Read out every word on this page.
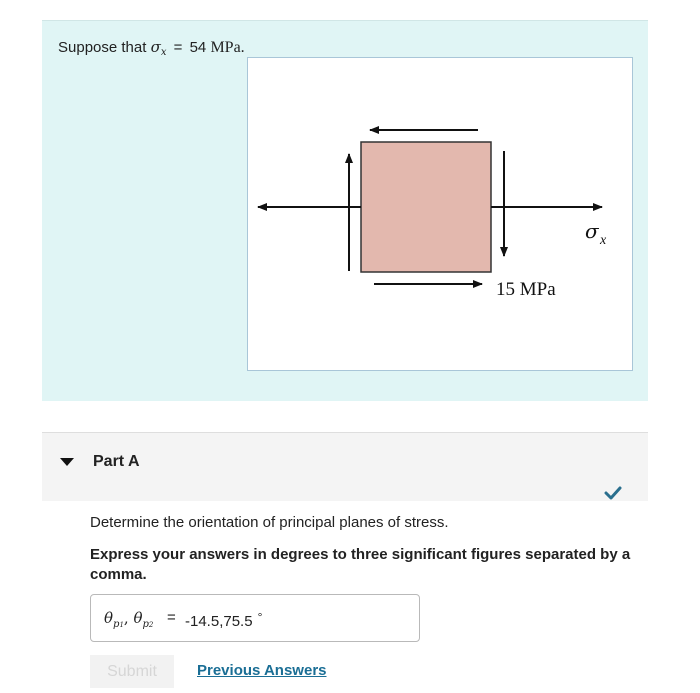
Suppose that $\sigma_x = 54$ MPa.
15 MPa
σ x
Part A
Determine the orientation of principal planes of stress.
Express your answers in degrees to three significant figures separated by a comma.
$\theta_{p1}$, $\theta_{p2} = -14.5,75.5$ °
Submit	Previous Answers
